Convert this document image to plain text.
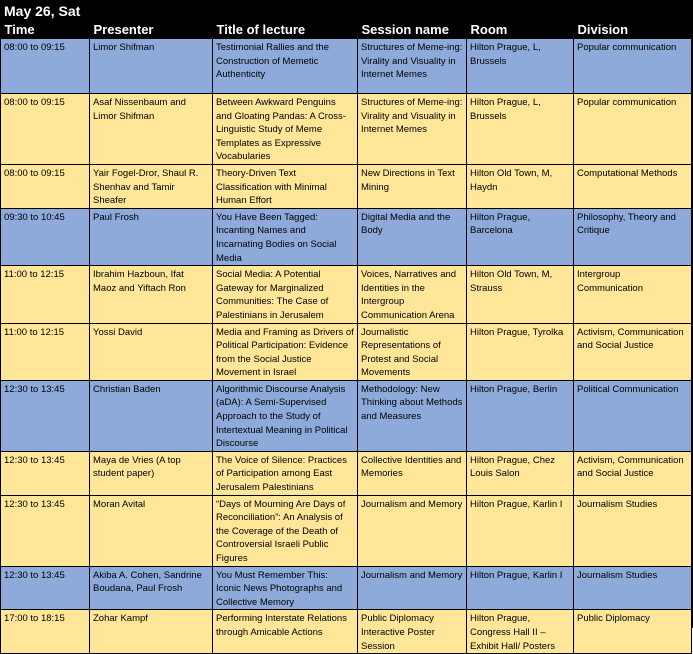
May 26, Sat
Time	Presenter	Title of lecture	Session name	Room	Division
08:00 to 09:15	Limor Shifman	Testimonial Rallies and the Construction of Memetic Authenticity	Structures of Meme-ing: Virality and Visuality in Internet Memes	Hilton Prague, L, Brussels	Popular communication
08:00 to 09:15	Asaf Nissenbaum and Limor Shifman	Between Awkward Penguins and Gloating Pandas: A Cross-Linguistic Study of Meme Templates as Expressive Vocabularies	Structures of Meme-ing: Virality and Visuality in Internet Memes	Hilton Prague, L, Brussels	Popular communication
08:00 to 09:15	Yair Fogel-Dror, Shaul R. Shenhav and Tamir Sheafer	Theory-Driven Text Classification with Minimal Human Effort	New Directions in Text Mining	Hilton Old Town, M, Haydn	Computational Methods
09:30 to 10:45	Paul Frosh	You Have Been Tagged: Incanting Names and Incarnating Bodies on Social Media	Digital Media and the Body	Hilton Prague, Barcelona	Philosophy, Theory and Critique
11:00 to 12:15	Ibrahim Hazboun, Ifat Maoz and Yiftach Ron	Social Media: A Potential Gateway for Marginalized Communities: The Case of Palestinians in Jerusalem	Voices, Narratives and Identities in the Intergroup Communication Arena	Hilton Old Town, M, Strauss	Intergroup Communication
11:00 to 12:15	Yossi David	Media and Framing as Drivers of Political Participation: Evidence from the Social Justice Movement in Israel	Journalistic Representations of Protest and Social Movements	Hilton Prague, Tyrolka	Activism, Communication and Social Justice
12:30 to 13:45	Christian Baden	Algorithmic Discourse Analysis (aDA): A Semi-Supervised Approach to the Study of Intertextual Meaning in Political Discourse	Methodology: New Thinking about Methods and Measures	Hilton Prague, Berlin	Political Communication
12:30 to 13:45	Maya de Vries (A top student paper)	The Voice of Silence: Practices of Participation among East Jerusalem Palestinians	Collective Identities and Memories	Hilton Prague, Chez Louis Salon	Activism, Communication and Social Justice
12:30 to 13:45	Moran Avital	“Days of Mourning Are Days of Reconciliation”: An Analysis of the Coverage of the Death of Controversial Israeli Public Figures	Journalism and Memory	Hilton Prague, Karlin I	Journalism Studies
12:30 to 13:45	Akiba A. Cohen, Sandrine Boudana, Paul Frosh	You Must Remember This: Iconic News Photographs and Collective Memory	Journalism and Memory	Hilton Prague, Karlin I	Journalism Studies
17:00 to 18:15	Zohar Kampf	Performing Interstate Relations through Amicable Actions	Public Diplomacy Interactive Poster Session	Hilton Prague, Congress Hall II – Exhibit Hall/ Posters	Public Diplomacy
